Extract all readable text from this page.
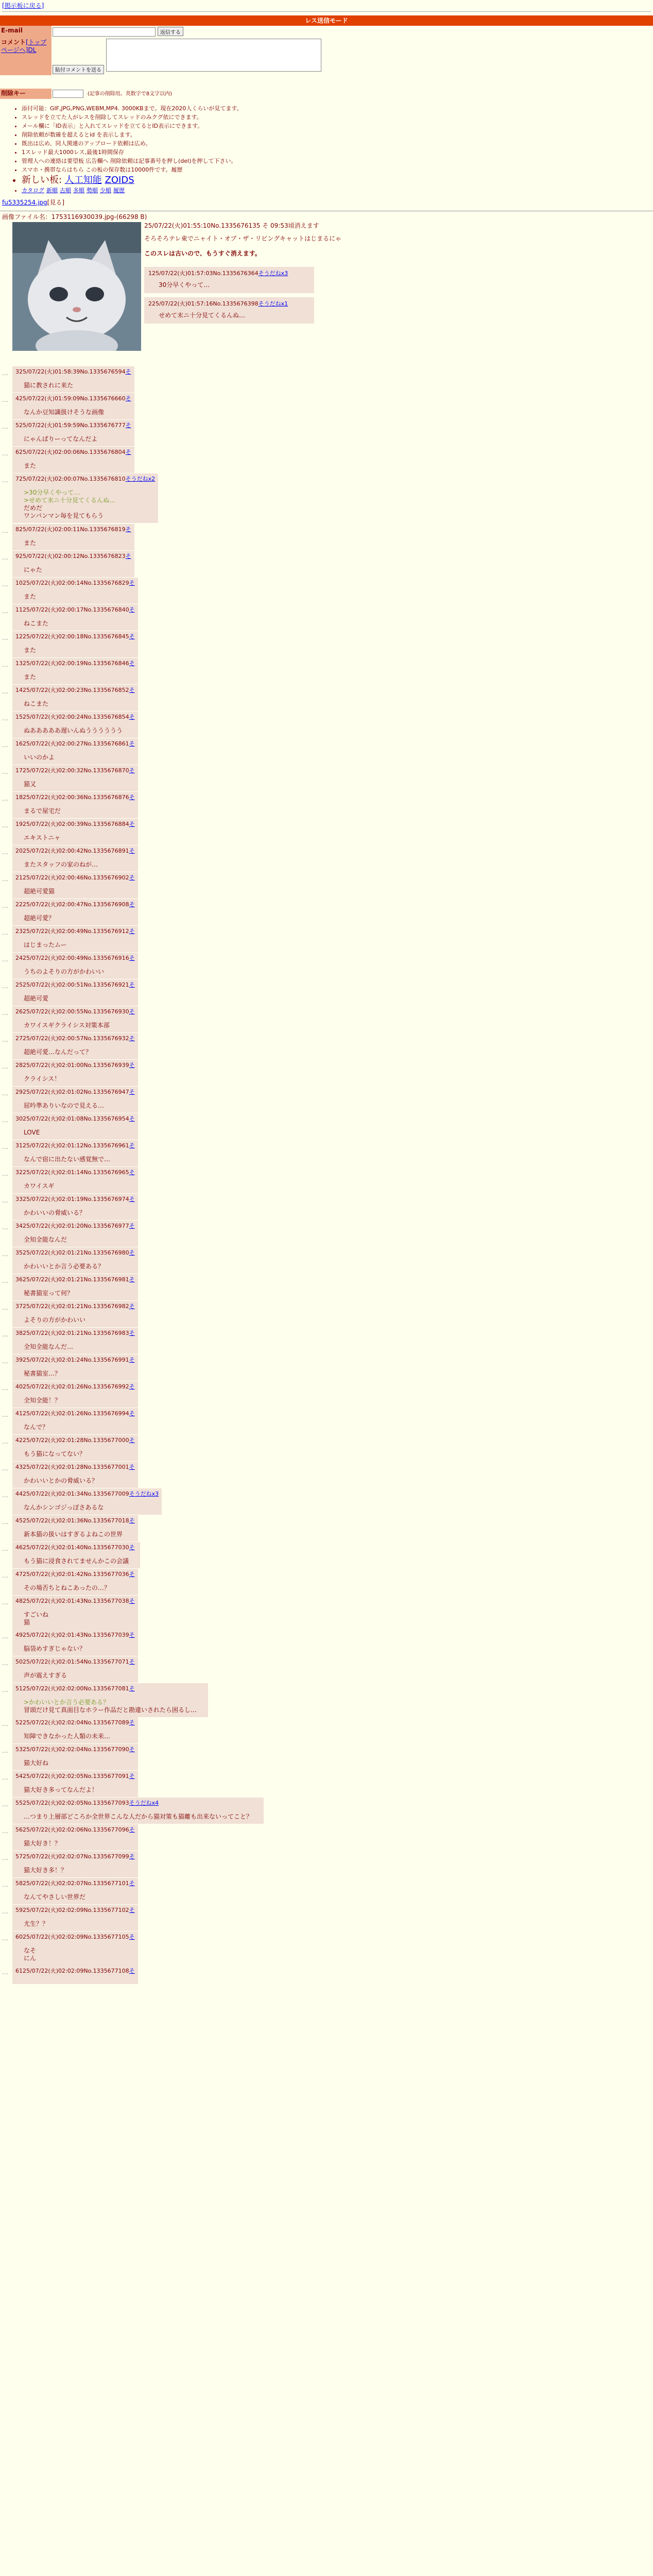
[掲示板に戻る]
レス送信モード
E-mail	返信する
コメント[トップページへ]DL	貼付コメントを送る

削除キー	(記事の削除用。英数字で8文字以内)
• 添付可能：GIF,JPG,PNG,WEBM,MP4. 3000KBまで。現在2020人くらいが見てます。
• スレッドを立てた人がレスを削除してスレッドのみクグ依にできます。
• メール欄に「ID表示」と入れてスレッドを立てるとID表示にできます。
• 削除依頼が数確を超えるとid を表示します。
• 既出は広め、同人関連のアップロード依頼は広め。
• 1スレッド最大1000レス,最後1時間保存
• 管理人への連絡は要望板 広告欄へ 削除依頼は記事番号を押し(del)を押して下さい。
• スマホ・携帯ならはちら この板の保存数は10000件です。履歴
• 新しい板: 人工知能 ZOIDS
• カタログ 新順 古順 多順 勢順 少順 履歴
fu5335254.jpg[見る]
画像ファイル名：1753116930039.jpg-(66298 B)
25/07/22(火)01:55:10No.1335676135 そ 09:53頃消えます
そろそろテレ東でニャイト・オブ・ザ・リビングキャットはじまるにゃ
このスレは古いので、もうすぐ消えます。
125/07/22(火)01:57:03No.1335676364そうだねx3
30分早くやって…
225/07/22(火)01:57:16No.1335676398そうだねx1
せめて末ニ十分見てくるんぬ…
… 325/07/22(火)01:58:39No.1335676594そ
猫に教されに来た
… 425/07/22(火)01:59:09No.1335676660そ
なんか豆知識扱けそうな画像
… 525/07/22(火)01:59:59No.1335676777そ
にゃんぱりーってなんだよ
… 625/07/22(火)02:00:06No.1335676804そ
また
… 725/07/22(火)02:00:07No.1335676810そうだねx2
>30分早くやって…
>せめて末ニ十分見てくるんぬ…
だめだ
ワンパンマン毎を見てもらう
… 825/07/22(火)02:00:11No.1335676819そ
また
… 925/07/22(火)02:00:12No.1335676823そ
にゃた
… 1025/07/22(火)02:00:14No.1335676829そ
また
… 1125/07/22(火)02:00:17No.1335676840そ
ねこまた
… 1225/07/22(火)02:00:18No.1335676845そ
また
… 1325/07/22(火)02:00:19No.1335676846そ
また
… 1425/07/22(火)02:00:23No.1335676852そ
ねこまた
… 1525/07/22(火)02:00:24No.1335676854そ
ぬあああああ遅いんぬうううううう
… 1625/07/22(火)02:00:27No.1335676861そ
いいのかよ
… 1725/07/22(火)02:00:32No.1335676870そ
猫又
… 1825/07/22(火)02:00:36No.1335676876そ
まるで屋宅だ
… 1925/07/22(火)02:00:39No.1335676884そ
エキストニャ
… 2025/07/22(火)02:00:42No.1335676891そ
またスタッフの家のねが…
… 2125/07/22(火)02:00:46No.1335676902そ
超絶可愛猫
… 2225/07/22(火)02:00:47No.1335676908そ
超絶可愛？
… 2325/07/22(火)02:00:49No.1335676912そ
はじまったムー
… 2425/07/22(火)02:00:49No.1335676916そ
うちのよそりの方がかわいい
… 2525/07/22(火)02:00:51No.1335676921そ
超絶可愛
… 2625/07/22(火)02:00:55No.1335676930そ
カワイスギクライシス対策本部
… 2725/07/22(火)02:00:57No.1335676932そ
超絶可愛…なんだって？
… 2825/07/22(火)02:01:00No.1335676939そ
クライシス！
… 2925/07/22(火)02:01:02No.1335676947そ
屈吟準ありいなので見える…
… 3025/07/22(火)02:01:08No.1335676954そ
LOVE
… 3125/07/22(火)02:01:12No.1335676961そ
なんで宿に出たない感覚無で…
… 3225/07/22(火)02:01:14No.1335676965そ
カワイスギ
… 3325/07/22(火)02:01:19No.1335676974そ
かわいいの脅威いる？
… 3425/07/22(火)02:01:20No.1335676977そ
全知全能なんだ
… 3525/07/22(火)02:01:21No.1335676980そ
かわいいとか言う必要ある？
… 3625/07/22(火)02:01:21No.1335676981そ
秘書猫室って何？
… 3725/07/22(火)02:01:21No.1335676982そ
よそりの方がかわいい
… 3825/07/22(火)02:01:21No.1335676983そ
全知全能なんだ…
… 3925/07/22(火)02:01:24No.1335676991そ
秘書猫室…？
… 4025/07/22(火)02:01:26No.1335676992そ
全知全能！？
… 4125/07/22(火)02:01:26No.1335676994そ
なんで？
… 4225/07/22(火)02:01:28No.1335677000そ
もう猫になってない？
… 4325/07/22(火)02:01:28No.1335677001そ
かわいいとかの脅威いる？
… 4425/07/22(火)02:01:34No.1335677009そうだねx3
なんかシンゴジっぽさあるな
… 4525/07/22(火)02:01:36No.1335677018そ
新本猫の扱いはすぎるよねこの世界
… 4625/07/22(火)02:01:40No.1335677030そ
もう猫に浸食されてませんかこの会議
… 4725/07/22(火)02:01:42No.1335677036そ
その場否ちとねこあったの…？
… 4825/07/22(火)02:01:43No.1335677038そ
すごいね
猫
… 4925/07/22(火)02:01:43No.1335677039そ
脳袋めすぎじゃない？
… 5025/07/22(火)02:01:54No.1335677071そ
声が震えすぎる
… 5125/07/22(火)02:02:00No.1335677081そ
>かわいいとか言う必要ある？
冒頭だけ見て真面目なホラー作品だと勘違いされたら困るし…
… 5225/07/22(火)02:02:04No.1335677089そ
知障できなかった人類の未来…
… 5325/07/22(火)02:02:04No.1335677090そ
猫大好ね
… 5425/07/22(火)02:02:05No.1335677091そ
猫大好き多ってなんだよ！
… 5525/07/22(火)02:02:05No.1335677093そうだねx4
…つまり上層部どころか全世界こんな人だから猫対策も猫離も出来ないってこと？
… 5625/07/22(火)02:02:06No.1335677096そ
猫大好き！？
… 5725/07/22(火)02:02:07No.1335677099そ
猫大好き多！？
… 5825/07/22(火)02:02:07No.1335677101そ
なんてやさしい世界だ
… 5925/07/22(火)02:02:09No.1335677102そ
尤生？？
… 6025/07/22(火)02:02:09No.1335677105そ
なそ
にん
… 6125/07/22(火)02:02:09No.1335677108そ
